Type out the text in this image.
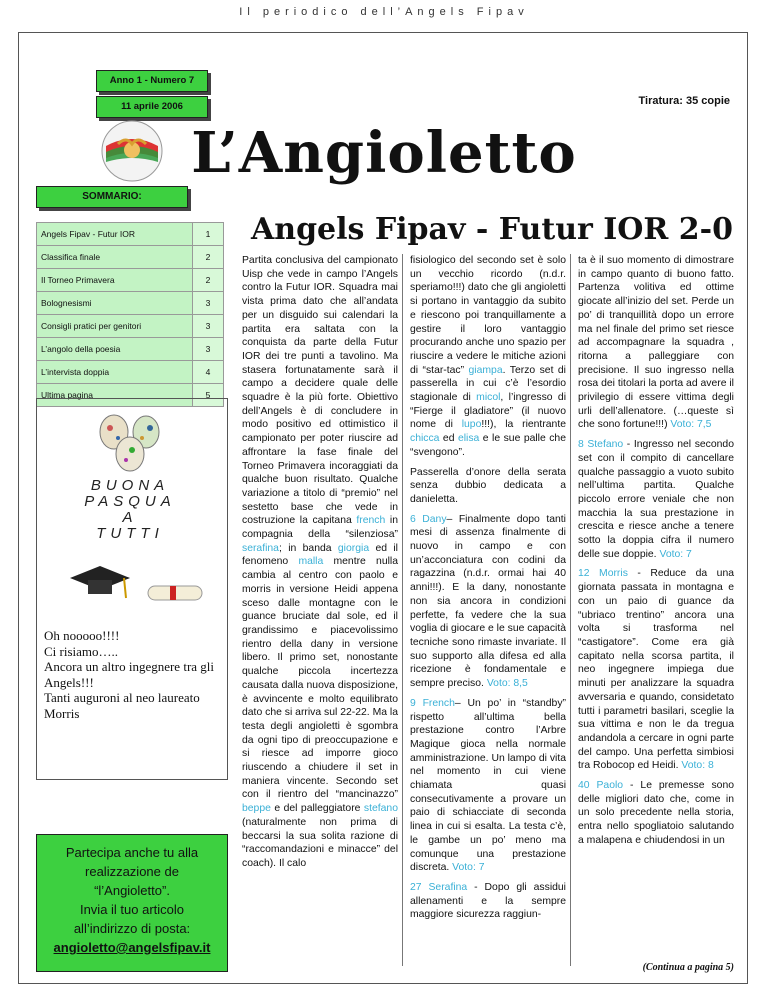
Il periodico dell’Angels Fipav
Anno 1 - Numero 7
11 aprile 2006	Tiratura: 35 copie
L’Angioletto
SOMMARIO:
Angels Fipav - Futur IOR	1
Classifica finale	2
Il Torneo Primavera	2
Bolognesismi	3
Consigli pratici per genitori	3
L’angolo della poesia	3
L’intervista doppia	4
Ultima pagina	5
BUONA
PASQUA
A
TUTTI
Oh nooooo!!!!
Ci risiamo…..
Ancora un altro ingegnere tra gli Angels!!!
Tanti auguroni al neo laureato Morris
Partecipa anche tu alla realizzazione de
“l’Angioletto”.
Invia il tuo articolo
all’indirizzo di posta:
angioletto@angelsfipav.it
Angels Fipav - Futur IOR 2-0

Partita conclusiva del campionato Uisp che vede in campo l’Angels contro la Futur IOR. Squadra mai vista prima dato che all’andata per un disguido sui calendari la partita era saltata con la conquista da parte della Futur IOR dei tre punti a tavolino. Ma stasera fortunatamente sarà il campo a decidere quale delle squadre è la più forte. Obiettivo dell’Angels è di concludere in modo positivo ed ottimistico il campionato per poter riuscire ad affrontare la fase finale del Torneo Primavera incoraggiati da qualche buon risultato. Qualche variazione a titolo di “premio” nel sestetto base che vede in costruzione la capitana french in compagnia della “silenziosa” serafina; in banda giorgia ed il fenomeno malla mentre nulla cambia al centro con paolo e morris in versione Heidi appena sceso dalle montagne con le guance bruciate dal sole, ed il grandissimo e piacevolissimo rientro della dany in versione libero. Il primo set, nonostante qualche piccola incertezza causata dalla nuova disposizione, è avvincente e molto equilibrato dato che si arriva sul 22-22. Ma la testa degli angioletti è sgombra da ogni tipo di preoccupazione e si riesce ad imporre gioco riuscendo a chiudere il set in maniera vincente. Secondo set con il rientro del “mancinazzo” beppe e del palleggiatore stefano (naturalmente non prima di beccarsi la sua solita razione di “raccomandazioni e minacce” del coach). Il calo

fisiologico del secondo set è solo un vecchio ricordo (n.d.r. speriamo!!!) dato che gli angioletti si portano in vantaggio da subito e riescono poi tranquillamente a gestire il loro vantaggio procurando anche uno spazio per riuscire a vedere le mitiche azioni di “star-tac” giampa. Terzo set di passerella in cui c’è l’esordio stagionale di micol, l’ingresso di “Fierge il gladiatore” (il nuovo nome di lupo!!!), la rientrante chicca ed elisa e le sue palle che “svengono”.

Passerella d’onore della serata senza dubbio dedicata a danieletta.

6 Dany– Finalmente dopo tanti mesi di assenza finalmente di nuovo in campo e con un’acconciatura con codini da ragazzina (n.d.r. ormai hai 40 anni!!!). E la dany, nonostante non sia ancora in condizioni perfette, fa vedere che la sua voglia di giocare e le sue capacità tecniche sono rimaste invariate. Il suo supporto alla difesa ed alla ricezione è fondamentale e sempre preciso. Voto: 8,5

9 French– Un po’ in “standby” rispetto all’ultima bella prestazione contro l’Arbre Magique gioca nella normale amministrazione. Un lampo di vita nel momento in cui viene chiamata quasi consecutivamente a provare un paio di schiacciate di seconda linea in cui si esalta. La testa c’è, le gambe un po’ meno ma comunque una prestazione discreta. Voto: 7

27 Serafina - Dopo gli assidui allenamenti e la sempre maggiore sicurezza raggiun-

ta è il suo momento di dimostrare in campo quanto di buono fatto. Partenza volitiva ed ottime giocate all’inizio del set. Perde un po’ di tranquillità dopo un errore ma nel finale del primo set riesce ad accompagnare la squadra , ritorna a palleggiare con precisione. Il suo ingresso nella rosa dei titolari la porta ad avere il privilegio di essere vittima degli urli dell’allenatore. (…queste sì che sono fortune!!!) Voto: 7,5

8 Stefano - Ingresso nel secondo set con il compito di cancellare qualche passaggio a vuoto subito nell’ultima partita. Qualche piccolo errore veniale che non macchia la sua prestazione in crescita e riesce anche a tenere sotto la doppia cifra il numero delle sue doppie. Voto: 7

12 Morris - Reduce da una giornata passata in montagna e con un paio di guance da “ubriaco trentino” ancora una volta si trasforma nel “castigatore”. Come era già capitato nella scorsa partita, il neo ingegnere impiega due minuti per analizzare la squadra avversaria e quando, considetato tutti i parametri basilari, sceglie la sua vittima e non le da tregua andandola a cercare in ogni parte del campo. Una perfetta simbiosi tra Robocop ed Heidi. Voto: 8

40 Paolo - Le premesse sono delle migliori dato che, come in un solo precedente nella storia, entra nello spogliatoio salutando a malapena e chiudendosi in un

(Continua a pagina 5)
